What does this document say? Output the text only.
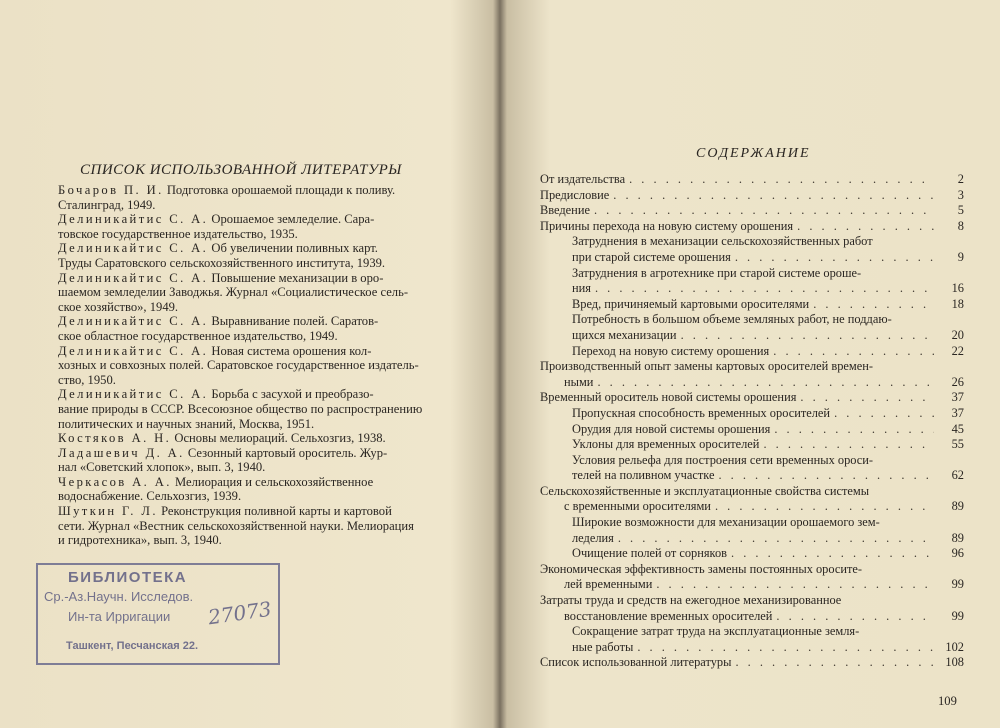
СПИСОК ИСПОЛЬЗОВАННОЙ ЛИТЕРАТУРЫ

Бочаров П. И. Подготовка орошаемой площади к поливу.

Сталинград, 1949.

Делиникайтис С. А. Орошаемое земледелие. Сара-

товское государственное издательство, 1935.

Делиникайтис С. А. Об увеличении поливных карт.

Труды Саратовского сельскохозяйственного института, 1939.

Делиникайтис С. А. Повышение механизации в оро-

шаемом земледелии Заводжья. Журнал «Социалистическое сель-

ское хозяйство», 1949.

Делиникайтис С. А. Выравнивание полей. Саратов-

ское областное государственное издательство, 1949.

Делиникайтис С. А. Новая система орошения кол-

хозных и совхозных полей. Саратовское государственное издатель-

ство, 1950.

Делиникайтис С. А. Борьба с засухой и преобразо-

вание природы в СССР. Всесоюзное общество по распространению

политических и научных знаний, Москва, 1951.

Костяков А. Н. Основы мелиораций. Сельхозгиз, 1938.

Ладашевич Д. А. Сезонный картовый ороситель. Жур-

нал «Советский хлопок», вып. 3, 1940.

Черкасов А. А. Мелиорация и сельскохозяйственное

водоснабжение. Сельхозгиз, 1939.

Шуткин Г. Л. Реконструкция поливной карты и картовой

сети. Журнал «Вестник сельскохозяйственной науки. Мелиорация

и гидротехника», вып. 3, 1940.

БИБЛИОТЕКА
Ср.-Аз.Научн. Исследов.
Ин-та Ирригации 27073
Ташкент, Песчанская 22.
СОДЕРЖАНИЕ
От издательства . . .	2
Предисловие . . .	3
Введение . . .	5
Причины перехода на новую систему орошения . . .	8
Затруднения в механизации сельскохозяйственных работ
при старой системе орошения . . .	9
Затруднения в агротехнике при старой системе ороше-
ния . . .	16
Вред, причиняемый картовыми оросителями . . .	18
Потребность в большом объеме земляных работ, не поддаю-
щихся механизации . . .	20
Переход на новую систему орошения . . .	22
Производственный опыт замены картовых оросителей времен-
ными . . .	26
Временный ороситель новой системы орошения . . .	37
Пропускная способность временных оросителей . . .	37
Орудия для новой системы орошения . . .	45
Уклоны для временных оросителей . . .	55
Условия рельефа для построения сети временных ороси-
телей на поливном участке . . .	62
Сельскохозяйственные и эксплуатационные свойства системы
с временными оросителями . . .	89
Широкие возможности для механизации орошаемого зем-
леделия . . .	89
Очищение полей от сорняков . . .	96
Экономическая эффективность замены постоянных оросите-
лей временными . . .	99
Затраты труда и средств на ежегодное механизированное
восстановление временных оросителей . . .	99
Сокращение затрат труда на эксплуатационные земля-
ные работы . . .	102
Список использованной литературы . . .	108
109
